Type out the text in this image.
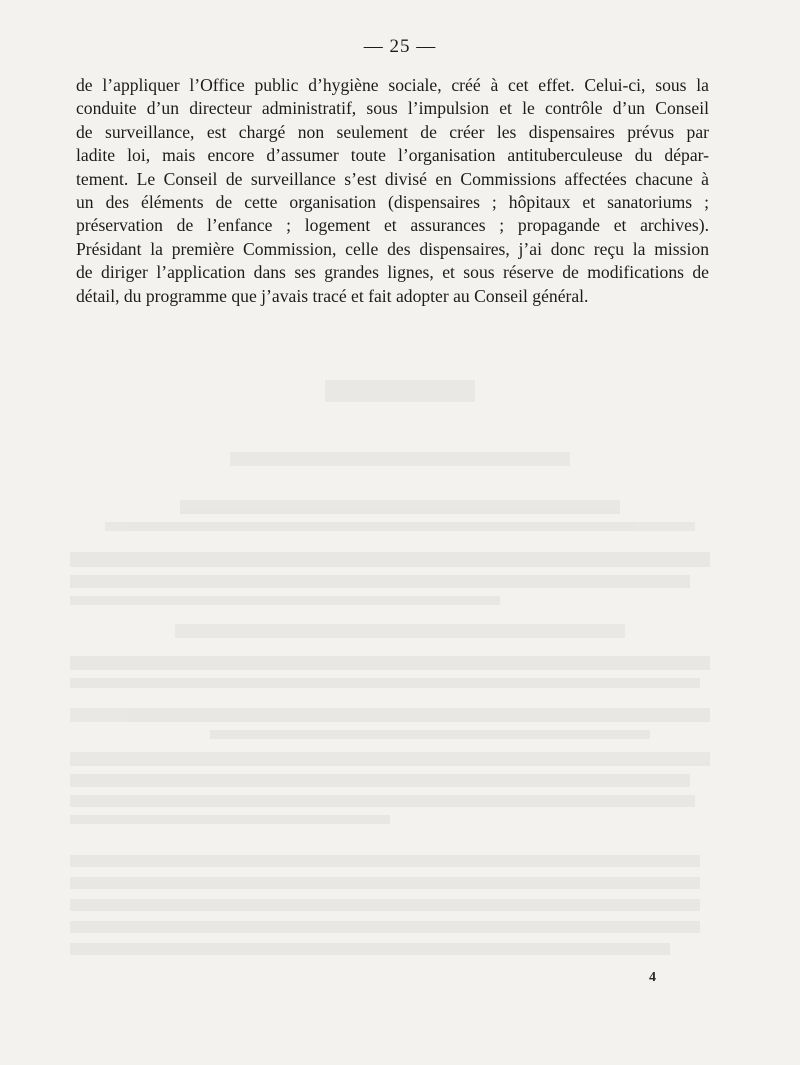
— 25 —
de l’appliquer l’Office public d’hygiène sociale, créé à cet effet. Celui-ci, sous la
conduite d’un directeur administratif, sous l’impulsion et le contrôle d’un Conseil
de surveillance, est chargé non seulement de créer les dispensaires prévus par
ladite loi, mais encore d’assumer toute l’organisation antituberculeuse du dépar-
tement. Le Conseil de surveillance s’est divisé en Commissions affectées chacune à
un des éléments de cette organisation (dispensaires ; hôpitaux et sanatoriums ;
préservation de l’enfance ; logement et assurances ; propagande et archives).
Présidant la première Commission, celle des dispensaires, j’ai donc reçu la mission
de diriger l’application dans ses grandes lignes, et sous réserve de modifications de
détail, du programme que j’avais tracé et fait adopter au Conseil général.
4
